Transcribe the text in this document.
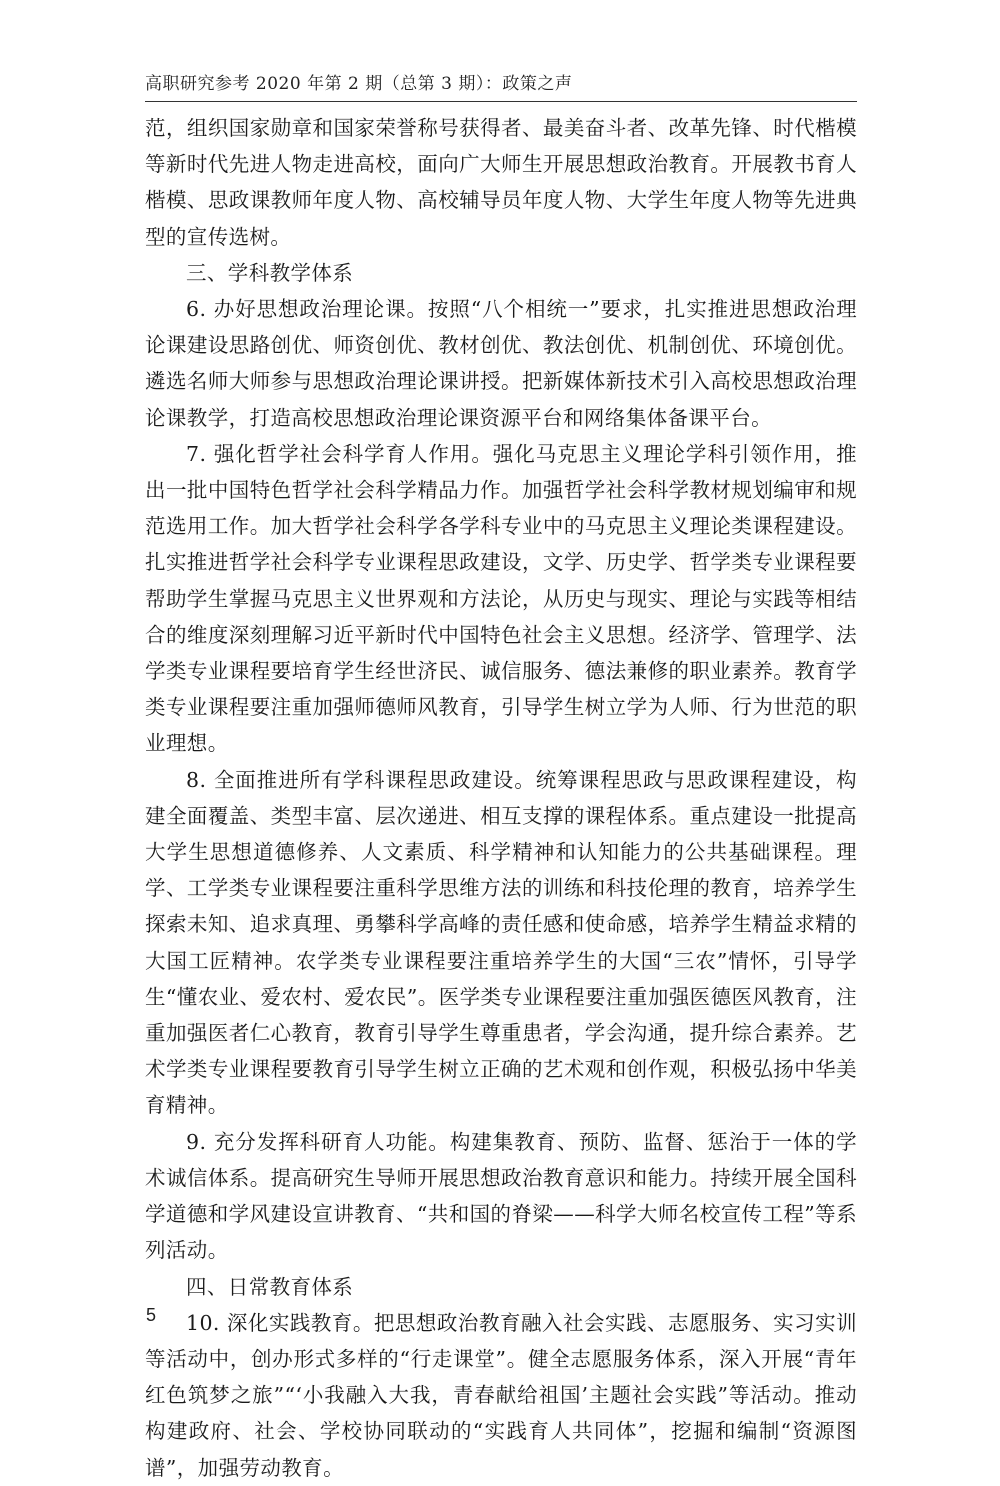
高职研究参考 2020 年第 2 期（总第 3 期）：政策之声

范，组织国家勋章和国家荣誉称号获得者、最美奋斗者、改革先锋、时代楷模等新时代先进人物走进高校，面向广大师生开展思想政治教育。开展教书育人楷模、思政课教师年度人物、高校辅导员年度人物、大学生年度人物等先进典型的宣传选树。

三、学科教学体系

6. 办好思想政治理论课。按照“八个相统一”要求，扎实推进思想政治理论课建设思路创优、师资创优、教材创优、教法创优、机制创优、环境创优。遴选名师大师参与思想政治理论课讲授。把新媒体新技术引入高校思想政治理论课教学，打造高校思想政治理论课资源平台和网络集体备课平台。

7. 强化哲学社会科学育人作用。强化马克思主义理论学科引领作用，推出一批中国特色哲学社会科学精品力作。加强哲学社会科学教材规划编审和规范选用工作。加大哲学社会科学各学科专业中的马克思主义理论类课程建设。扎实推进哲学社会科学专业课程思政建设，文学、历史学、哲学类专业课程要帮助学生掌握马克思主义世界观和方法论，从历史与现实、理论与实践等相结合的维度深刻理解习近平新时代中国特色社会主义思想。经济学、管理学、法学类专业课程要培育学生经世济民、诚信服务、德法兼修的职业素养。教育学类专业课程要注重加强师德师风教育，引导学生树立学为人师、行为世范的职业理想。

8. 全面推进所有学科课程思政建设。统筹课程思政与思政课程建设，构建全面覆盖、类型丰富、层次递进、相互支撑的课程体系。重点建设一批提高大学生思想道德修养、人文素质、科学精神和认知能力的公共基础课程。理学、工学类专业课程要注重科学思维方法的训练和科技伦理的教育，培养学生探索未知、追求真理、勇攀科学高峰的责任感和使命感，培养学生精益求精的大国工匠精神。农学类专业课程要注重培养学生的大国“三农”情怀，引导学生“懂农业、爱农村、爱农民”。医学类专业课程要注重加强医德医风教育，注重加强医者仁心教育，教育引导学生尊重患者，学会沟通，提升综合素养。艺术学类专业课程要教育引导学生树立正确的艺术观和创作观，积极弘扬中华美育精神。

9. 充分发挥科研育人功能。构建集教育、预防、监督、惩治于一体的学术诚信体系。提高研究生导师开展思想政治教育意识和能力。持续开展全国科学道德和学风建设宣讲教育、“共和国的脊梁——科学大师名校宣传工程”等系列活动。

四、日常教育体系

10. 深化实践教育。把思想政治教育融入社会实践、志愿服务、实习实训等活动中，创办形式多样的“行走课堂”。健全志愿服务体系，深入开展“青年红色筑梦之旅”“‘小我融入大我，青春献给祖国’主题社会实践”等活动。推动构建政府、社会、学校协同联动的“实践育人共同体”，挖掘和编制“资源图谱”，加强劳动教育。

5
